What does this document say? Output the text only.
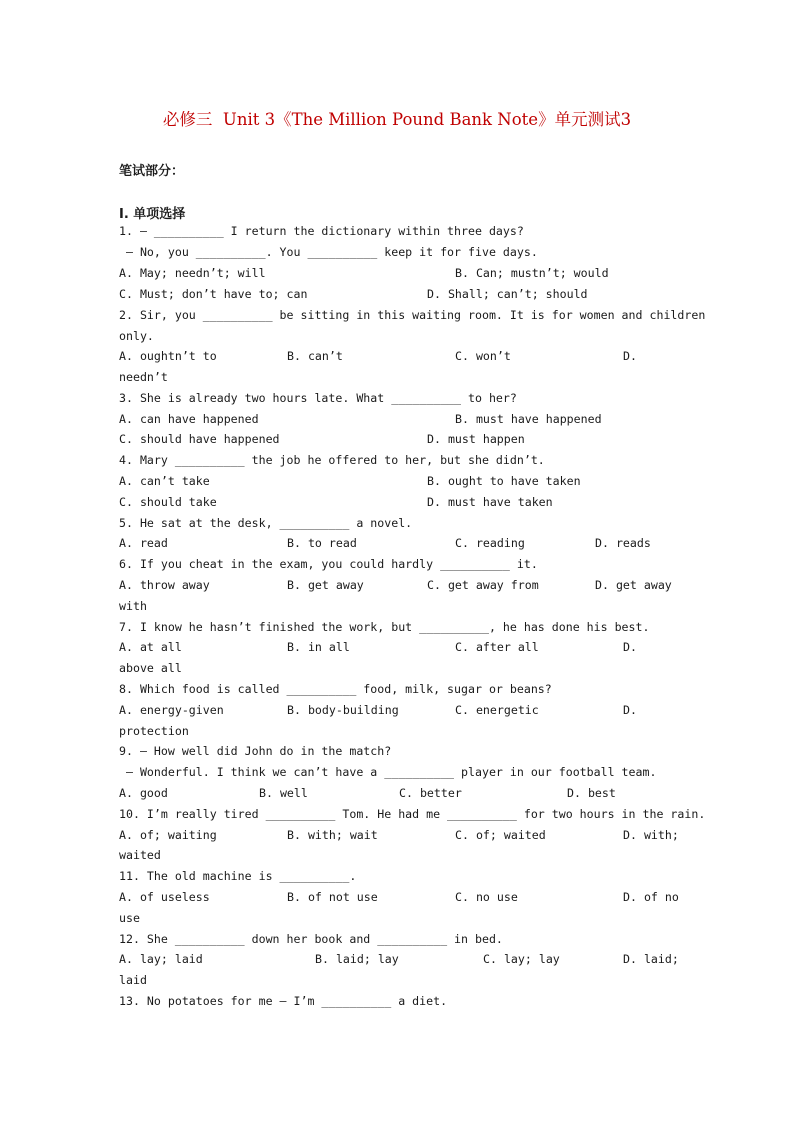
必修三  Unit 3《The Million Pound Bank Note》单元测试3
笔试部分：
I. 单项选择
1. — __________ I return the dictionary within three days?
— No, you __________. You __________ keep it for five days.

A. May; needn’t; will

	B. Can; mustn’t; would

C. Must; don’t have to; can

	D. Shall; can’t; should

2. Sir, you __________ be sitting in this waiting room. It is for women and children
only.

A. oughtn’t to

	B. can’t

	C. won’t

	D.

needn’t
3. She is already two hours late. What __________ to her?

A. can have happened

	B. must have happened

C. should have happened

	D. must happen

4. Mary __________ the job he offered to her, but she didn’t.

A. can’t take

	B. ought to have taken

C. should take

	D. must have taken

5. He sat at the desk, __________ a novel.

A. read

	B. to read

	C. reading

	D. reads

6. If you cheat in the exam, you could hardly __________ it.

A. throw away

	B. get away

	C. get away from

	D. get away

with
7. I know he hasn’t finished the work, but __________, he has done his best.

A. at all

	B. in all

	C. after all

	D.

above all
8. Which food is called __________ food, milk, sugar or beans?

A. energy-given

	B. body-building

	C. energetic

	D.

protection
9. — How well did John do in the match?
— Wonderful. I think we can’t have a __________ player in our football team.

A. good

	B. well

	C. better

	D. best

10. I’m really tired __________ Tom. He had me __________ for two hours in the rain.

A. of; waiting

	B. with; wait

	C. of; waited

	D. with;

waited
11. The old machine is __________.

A. of useless

	B. of not use

	C. no use

	D. of no

use
12. She __________ down her book and __________ in bed.

A. lay; laid

	B. laid; lay

	C. lay; lay

	D. laid;

laid
13. No potatoes for me — I’m __________ a diet.
